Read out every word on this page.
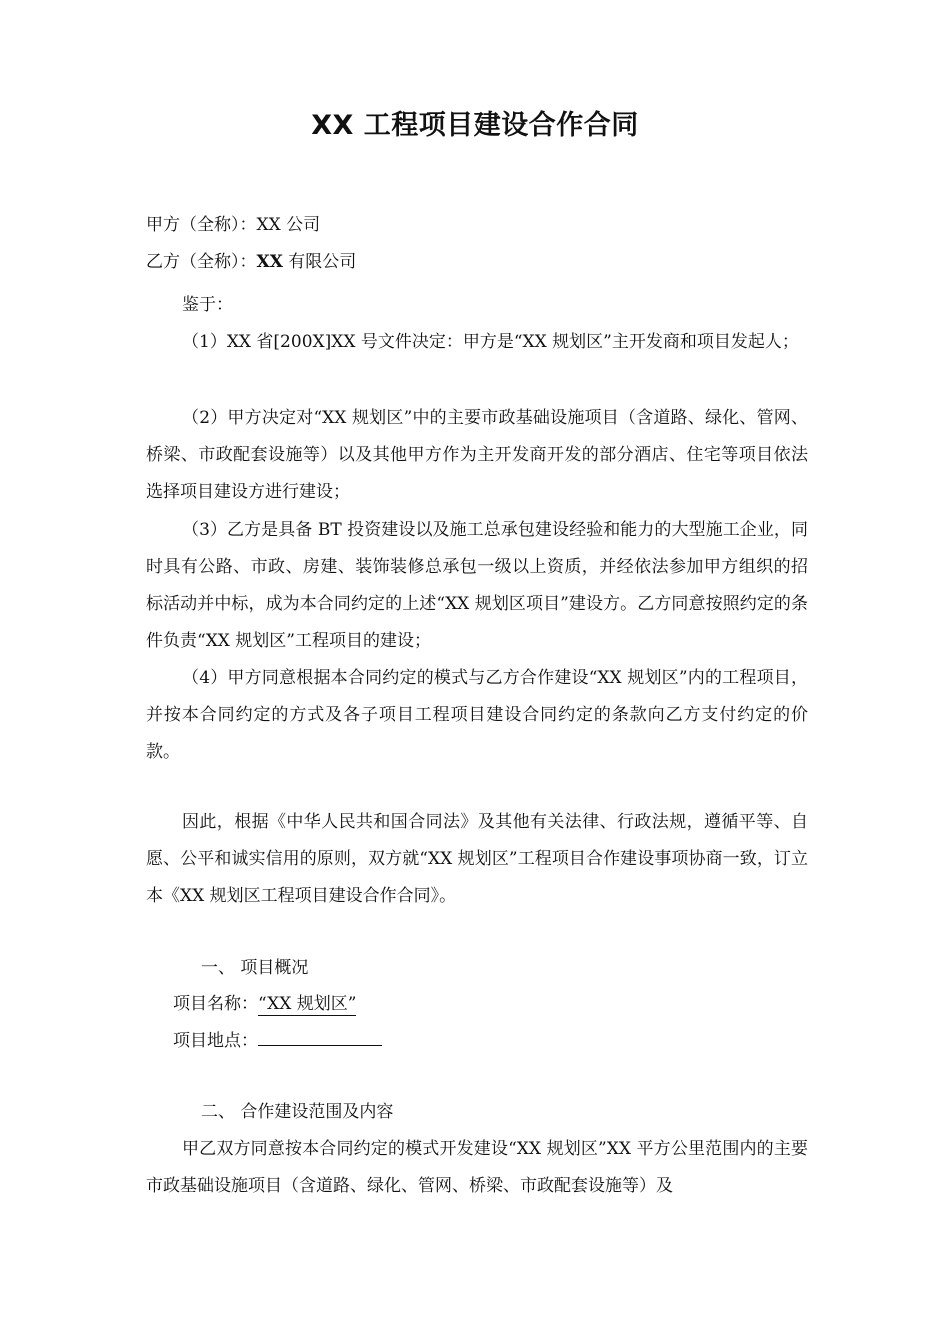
XX 工程项目建设合作合同
甲方（全称）：XX 公司
乙方（全称）：XX 有限公司
鉴于：
（1）XX 省[200X]XX 号文件决定：甲方是“XX 规划区”主开发商和项目发起人；
（2）甲方决定对“XX 规划区”中的主要市政基础设施项目（含道路、绿化、管网、桥梁、市政配套设施等）以及其他甲方作为主开发商开发的部分酒店、住宅等项目依法选择项目建设方进行建设；
（3）乙方是具备 BT 投资建设以及施工总承包建设经验和能力的大型施工企业，同时具有公路、市政、房建、装饰装修总承包一级以上资质，并经依法参加甲方组织的招标活动并中标，成为本合同约定的上述“XX 规划区项目”建设方。乙方同意按照约定的条件负责“XX 规划区”工程项目的建设；
（4）甲方同意根据本合同约定的模式与乙方合作建设“XX 规划区”内的工程项目，并按本合同约定的方式及各子项目工程项目建设合同约定的条款向乙方支付约定的价款。
因此，根据《中华人民共和国合同法》及其他有关法律、行政法规，遵循平等、自愿、公平和诚实信用的原则，双方就“XX 规划区”工程项目合作建设事项协商一致，订立本《XX 规划区工程项目建设合作合同》。
一、 项目概况
项目名称：“XX 规划区”
项目地点：
二、 合作建设范围及内容
甲乙双方同意按本合同约定的模式开发建设“XX 规划区”XX 平方公里范围内的主要市政基础设施项目（含道路、绿化、管网、桥梁、市政配套设施等）及
